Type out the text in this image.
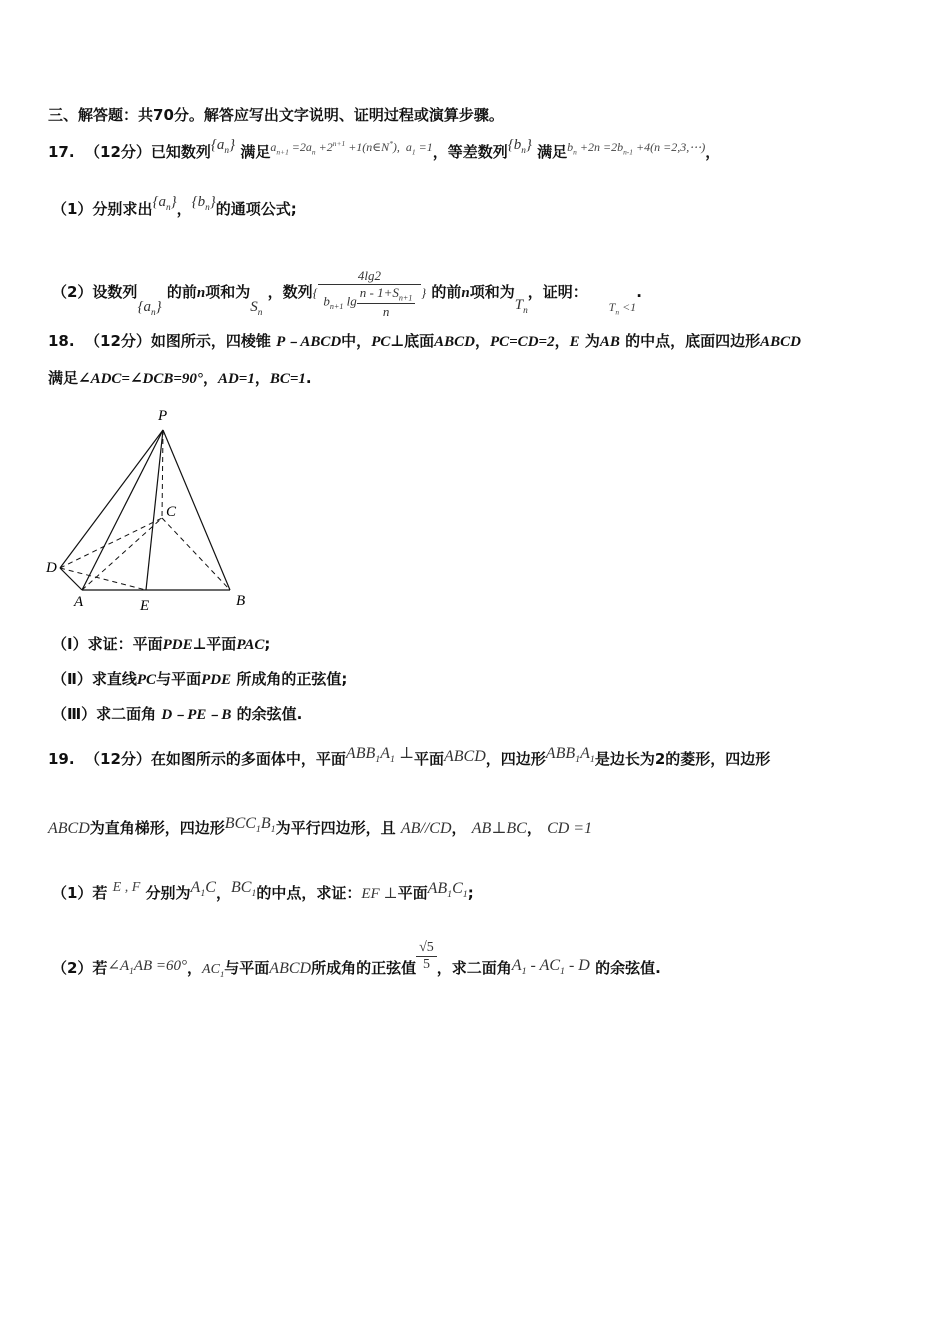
三、解答题：共70分。解答应写出文字说明、证明过程或演算步骤。
17. （12分）已知数列$\{a_n\}$ 满足$^{a_{n+1} =2a_n +2^{n+1} +1(n\in N^*), a_1 =1}$，等差数列$\{b_n\}$ 满足$^{b_n +2n =2b_{n-1} +4(n =2,3,\cdots)}$，
（1）分别求出$\{a_n\}$，$\{b_n\}$的通项公式;
（2）设数列$\{a_n\}$ 的前n项和为$S_n$ ，数列{ $\frac{4\lg 2}{b_{n+1} \lg \frac{n - 1+S_{n+1}}{n}}$ } 的前n项和为$T_n$，证明：    $_{T_n <1}$.
18. （12分）如图所示，四棱锥 P﹣ABCD中，PC⊥底面ABCD，PC=CD=2，E 为AB 的中点，底面四边形ABCD
满足∠ADC=∠DCB=90°，AD=1，BC=1.
P
C
D
A	E	B
（Ⅰ）求证：平面PDE⊥平面PAC;
（Ⅱ）求直线PC与平面PDE 所成角的正弦值;
（Ⅲ）求二面角 D﹣PE﹣B 的余弦值.
19. （12分）在如图所示的多面体中，平面$ABB_1A_1$ ⊥平面ABCD，四边形$ABB_1A_1$是边长为2的菱形，四边形
ABCD为直角梯形，四边形$BCC_1B_1$为平行四边形，且 AB//CD， AB⊥BC， CD =1
（1）若 E , F 分别为$A_1C$，$BC_1$的中点，求证：EF ⊥平面$AB_1C_1$;
（2）若$\angle A_1AB =60^\circ$，$AC_1$与平面ABCD所成角的正弦值 $\frac{√5}{5}$ ，求二面角$A_1 - AC_1$ - D 的余弦值.
